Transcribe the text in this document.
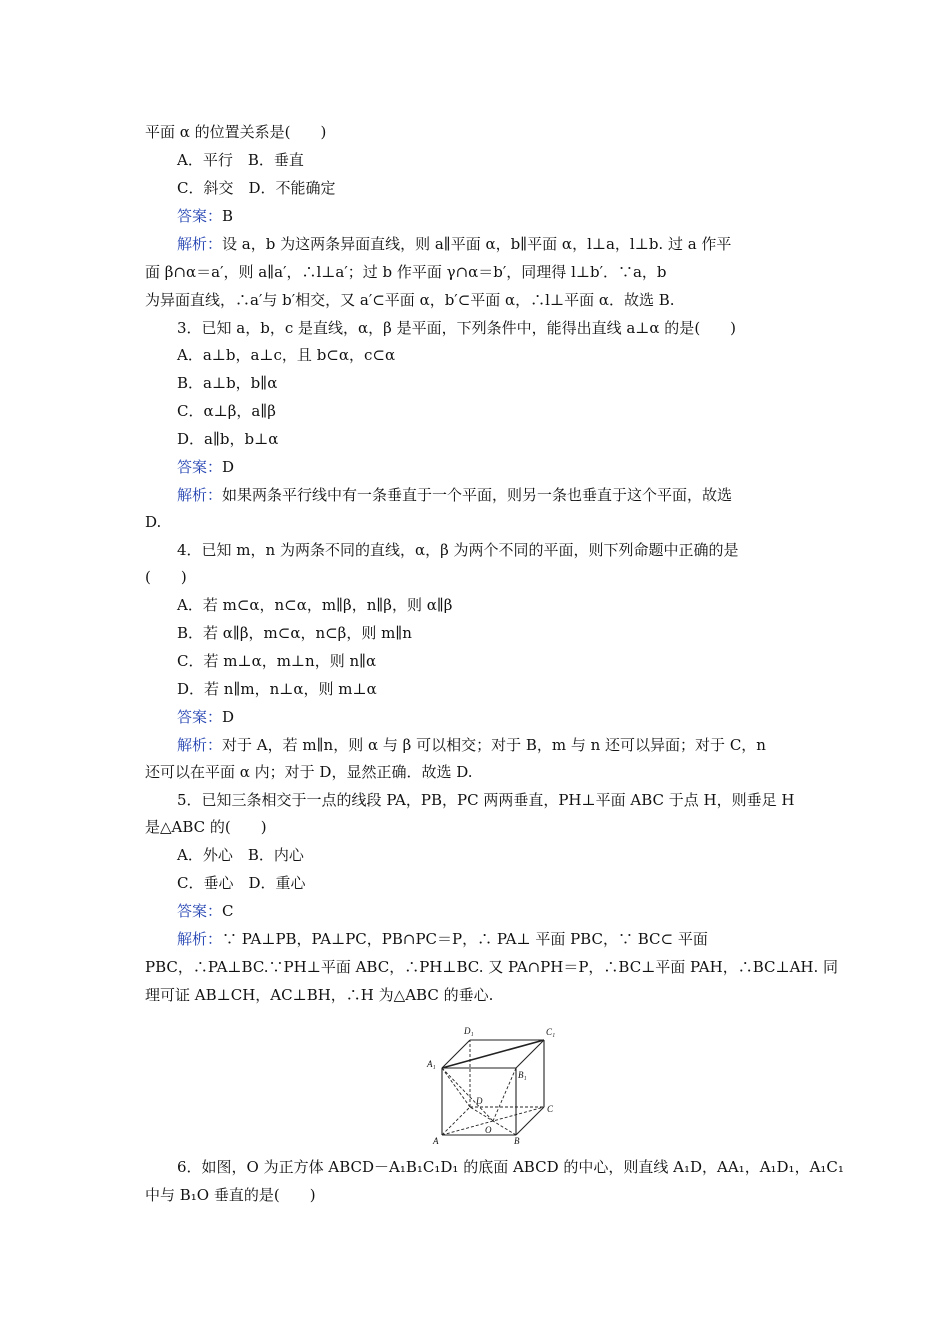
平面 α 的位置关系是(　　)
A．平行　B．垂直
C．斜交　D．不能确定
答案：B
解析：设 a，b 为这两条异面直线，则 a∥平面 α，b∥平面 α，l⊥a，l⊥b. 过 a 作平
面 β∩α＝a′，则 a∥a′，∴l⊥a′；过 b 作平面 γ∩α＝b′，同理得 l⊥b′．∵a，b
为异面直线，∴a′与 b′相交，又 a′⊂平面 α，b′⊂平面 α，∴l⊥平面 α．故选 B.
3．已知 a，b，c 是直线，α，β 是平面，下列条件中，能得出直线 a⊥α 的是(　　)
A．a⊥b，a⊥c，且 b⊂α，c⊂α
B．a⊥b，b∥α
C．α⊥β，a∥β
D．a∥b，b⊥α
答案：D
解析：如果两条平行线中有一条垂直于一个平面，则另一条也垂直于这个平面，故选
D.
4．已知 m，n 为两条不同的直线，α，β 为两个不同的平面，则下列命题中正确的是
(　　)
A．若 m⊂α，n⊂α，m∥β，n∥β，则 α∥β
B．若 α∥β，m⊂α，n⊂β，则 m∥n
C．若 m⊥α，m⊥n，则 n∥α
D．若 n∥m，n⊥α，则 m⊥α
答案：D
解析：对于 A，若 m∥n，则 α 与 β 可以相交；对于 B，m 与 n 还可以异面；对于 C，n
还可以在平面 α 内；对于 D，显然正确．故选 D.
5．已知三条相交于一点的线段 PA，PB，PC 两两垂直，PH⊥平面 ABC 于点 H，则垂足 H
是△ABC 的(　　)
A．外心　B．内心
C．垂心　D．重心
答案：C
解析：∵ PA⊥PB，PA⊥PC，PB∩PC＝P，∴ PA⊥ 平面 PBC，∵ BC⊂ 平面
PBC，∴PA⊥BC.∵PH⊥平面 ABC，∴PH⊥BC. 又 PA∩PH＝P，∴BC⊥平面 PAH，∴BC⊥AH. 同
理可证 AB⊥CH，AC⊥BH，∴H 为△ABC 的垂心.
D₁	C₁
A₁
B₁
D
C
O
A	B
6．如图，O 为正方体 ABCD－A₁B₁C₁D₁ 的底面 ABCD 的中心，则直线 A₁D，AA₁，A₁D₁，A₁C₁
中与 B₁O 垂直的是(　　)
